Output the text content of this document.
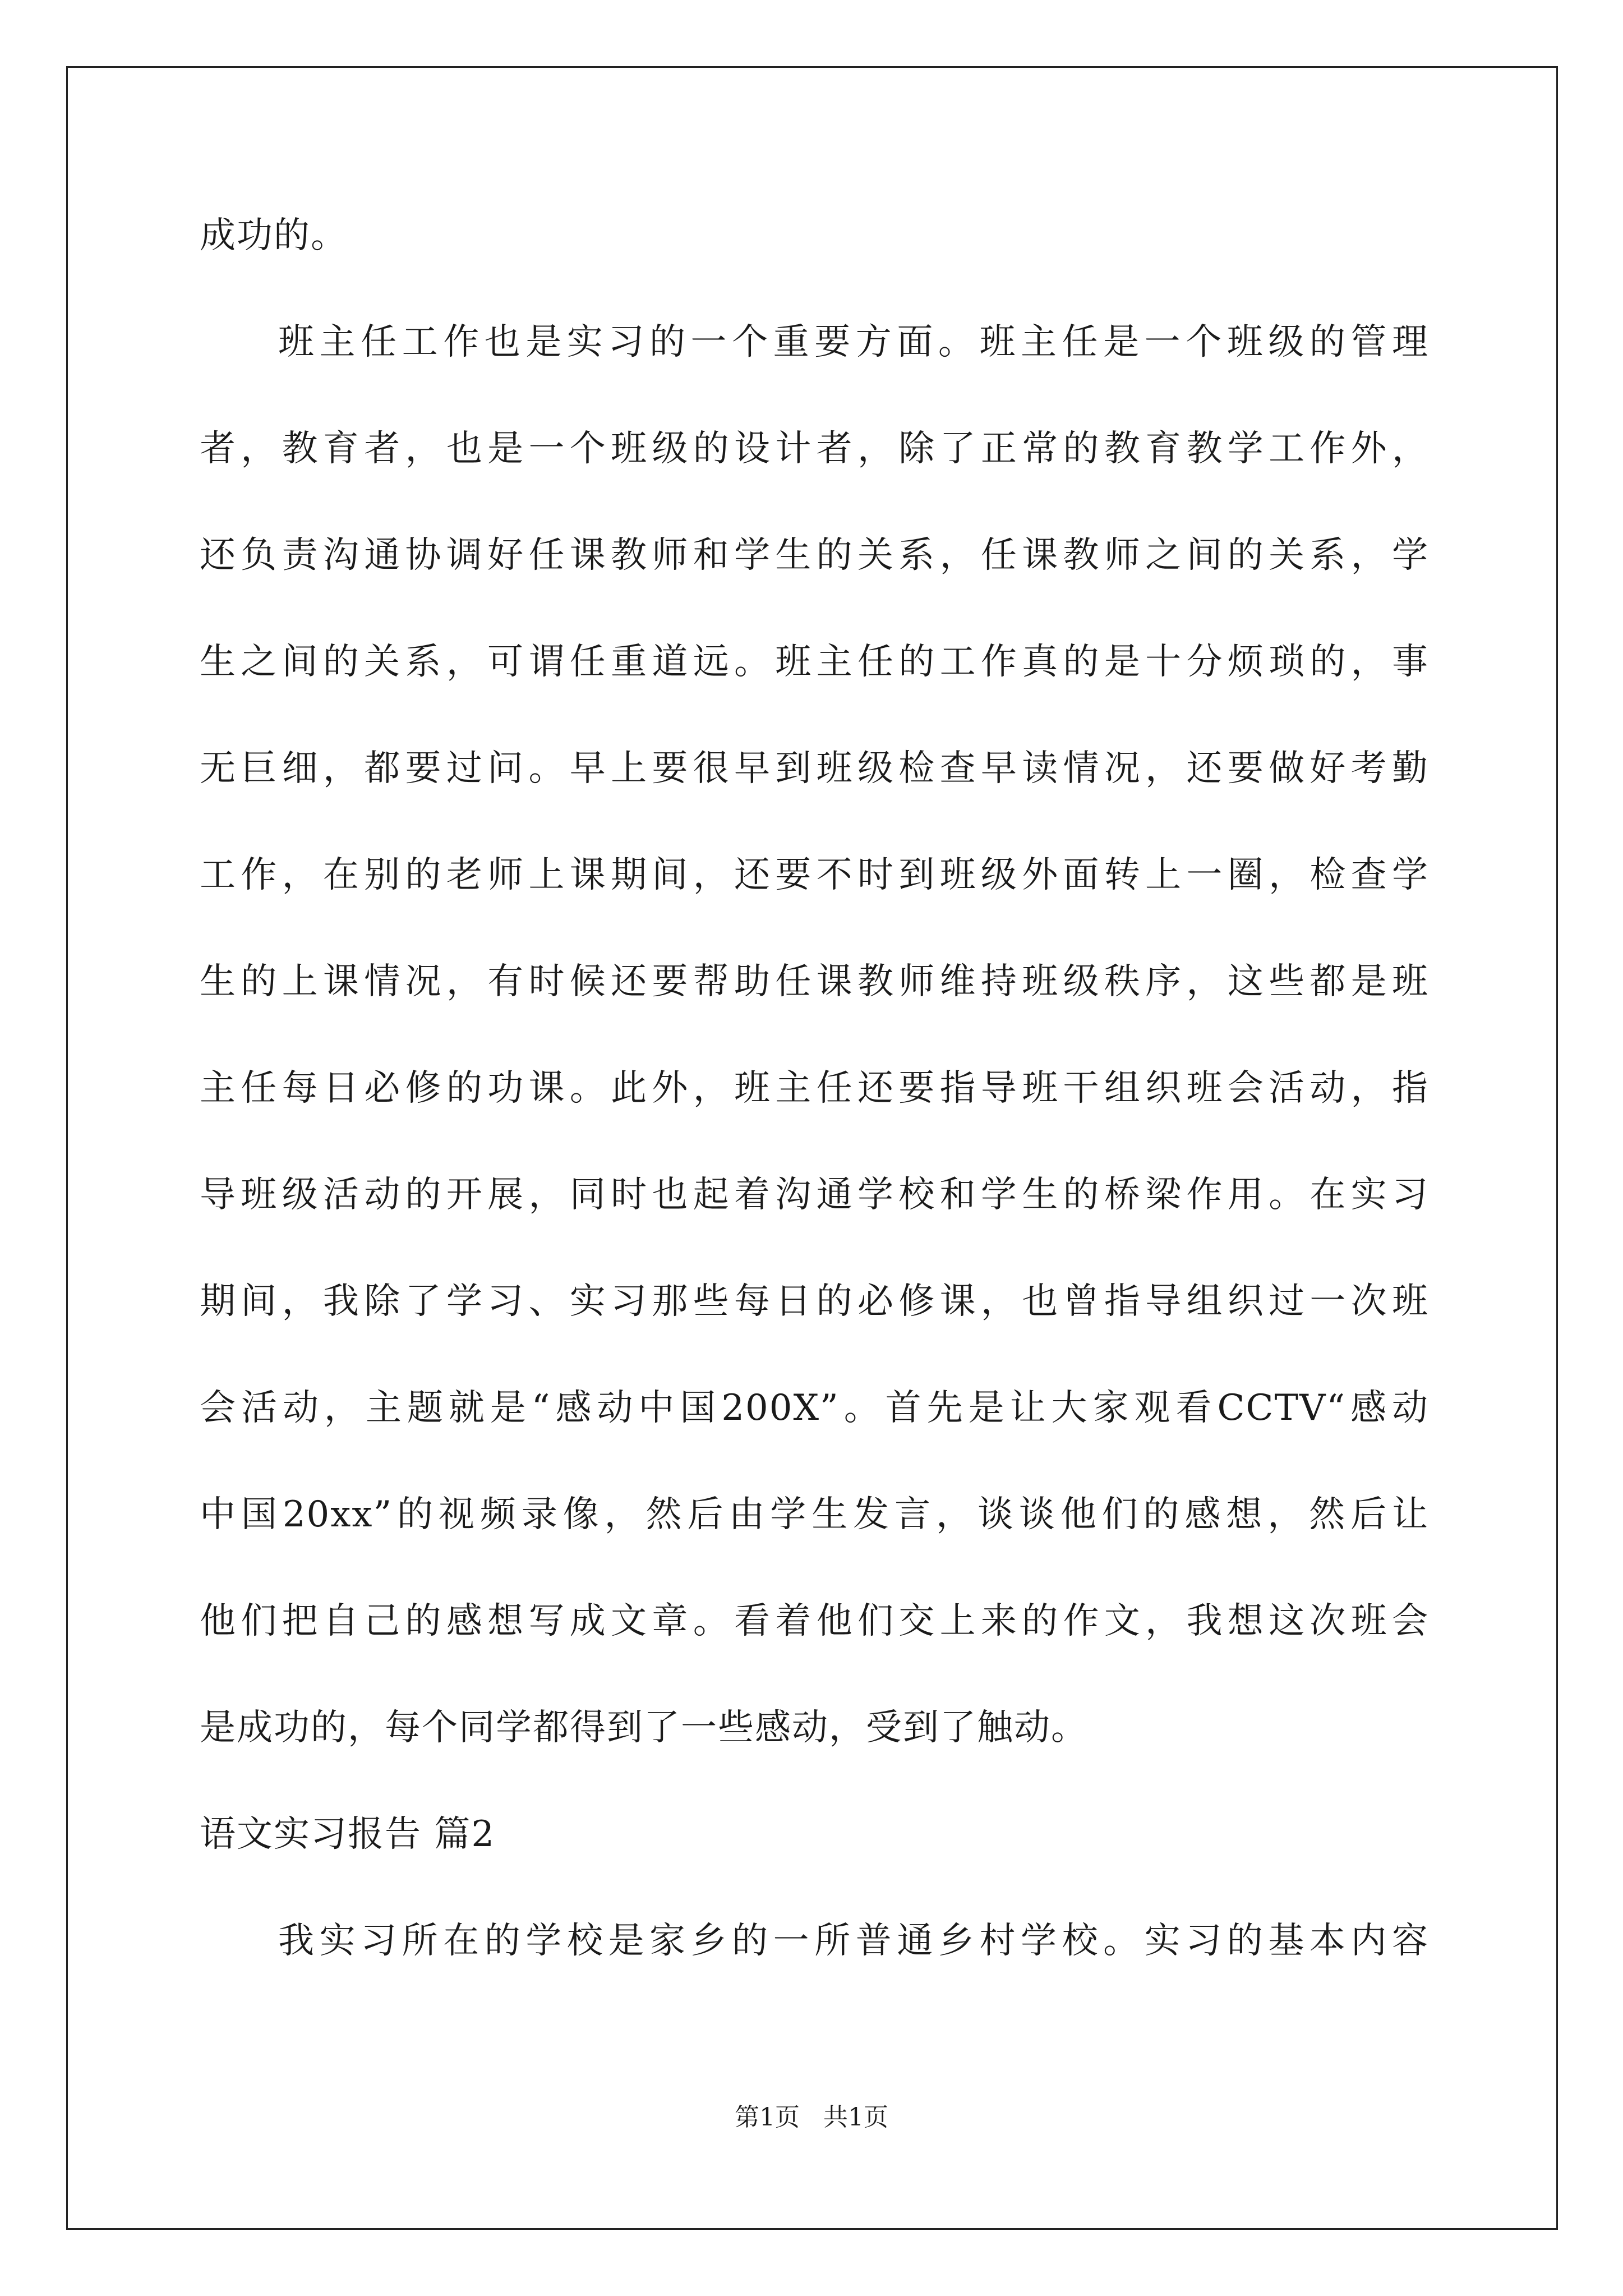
成功的。
班主任工作也是实习的一个重要方面。班主任是一个班级的管理
者，教育者，也是一个班级的设计者，除了正常的教育教学工作外，
还负责沟通协调好任课教师和学生的关系，任课教师之间的关系，学
生之间的关系，可谓任重道远。班主任的工作真的是十分烦琐的，事
无巨细，都要过问。早上要很早到班级检查早读情况，还要做好考勤
工作，在别的老师上课期间，还要不时到班级外面转上一圈，检查学
生的上课情况，有时候还要帮助任课教师维持班级秩序，这些都是班
主任每日必修的功课。此外，班主任还要指导班干组织班会活动，指
导班级活动的开展，同时也起着沟通学校和学生的桥梁作用。在实习
期间，我除了学习、实习那些每日的必修课，也曾指导组织过一次班
会活动，主题就是“感动中国200X”。首先是让大家观看CCTV“感动
中国20xx”的视频录像，然后由学生发言，谈谈他们的感想，然后让
他们把自己的感想写成文章。看着他们交上来的作文，我想这次班会
是成功的，每个同学都得到了一些感动，受到了触动。
语文实习报告 篇2
我实习所在的学校是家乡的一所普通乡村学校。实习的基本内容
第1页 共1页
